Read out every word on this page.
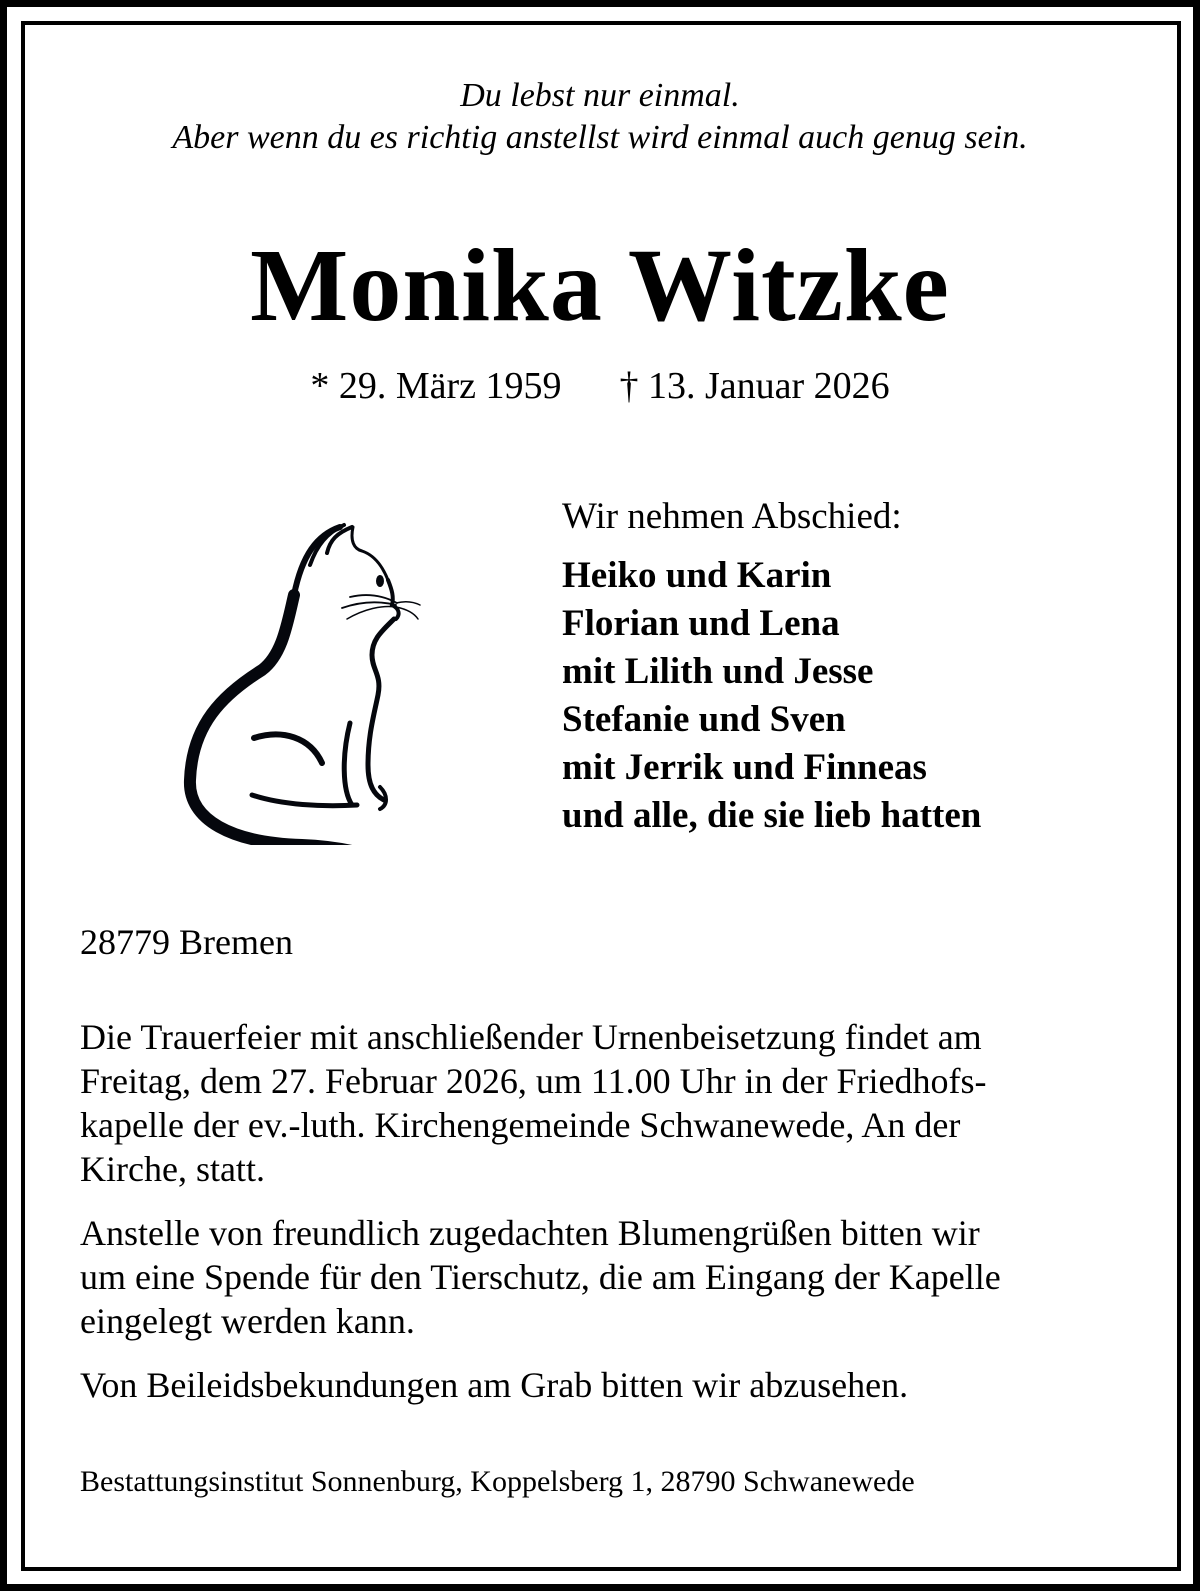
Du lebst nur einmal.
Aber wenn du es richtig anstellst wird einmal auch genug sein.
Monika Witzke
* 29. März 1959 † 13. Januar 2026
Wir nehmen Abschied:
Heiko und Karin
Florian und Lena
mit Lilith und Jesse
Stefanie und Sven
mit Jerrik und Finneas
und alle, die sie lieb hatten
28779 Bremen
Die Trauerfeier mit anschließender Urnenbeisetzung findet am
Freitag, dem 27. Februar 2026, um 11.00 Uhr in der Friedhofs-
kapelle der ev.-luth. Kirchengemeinde Schwanewede, An der
Kirche, statt.
Anstelle von freundlich zugedachten Blumengrüßen bitten wir
um eine Spende für den Tierschutz, die am Eingang der Kapelle
eingelegt werden kann.
Von Beileidsbekundungen am Grab bitten wir abzusehen.
Bestattungsinstitut Sonnenburg, Koppelsberg 1, 28790 Schwanewede
